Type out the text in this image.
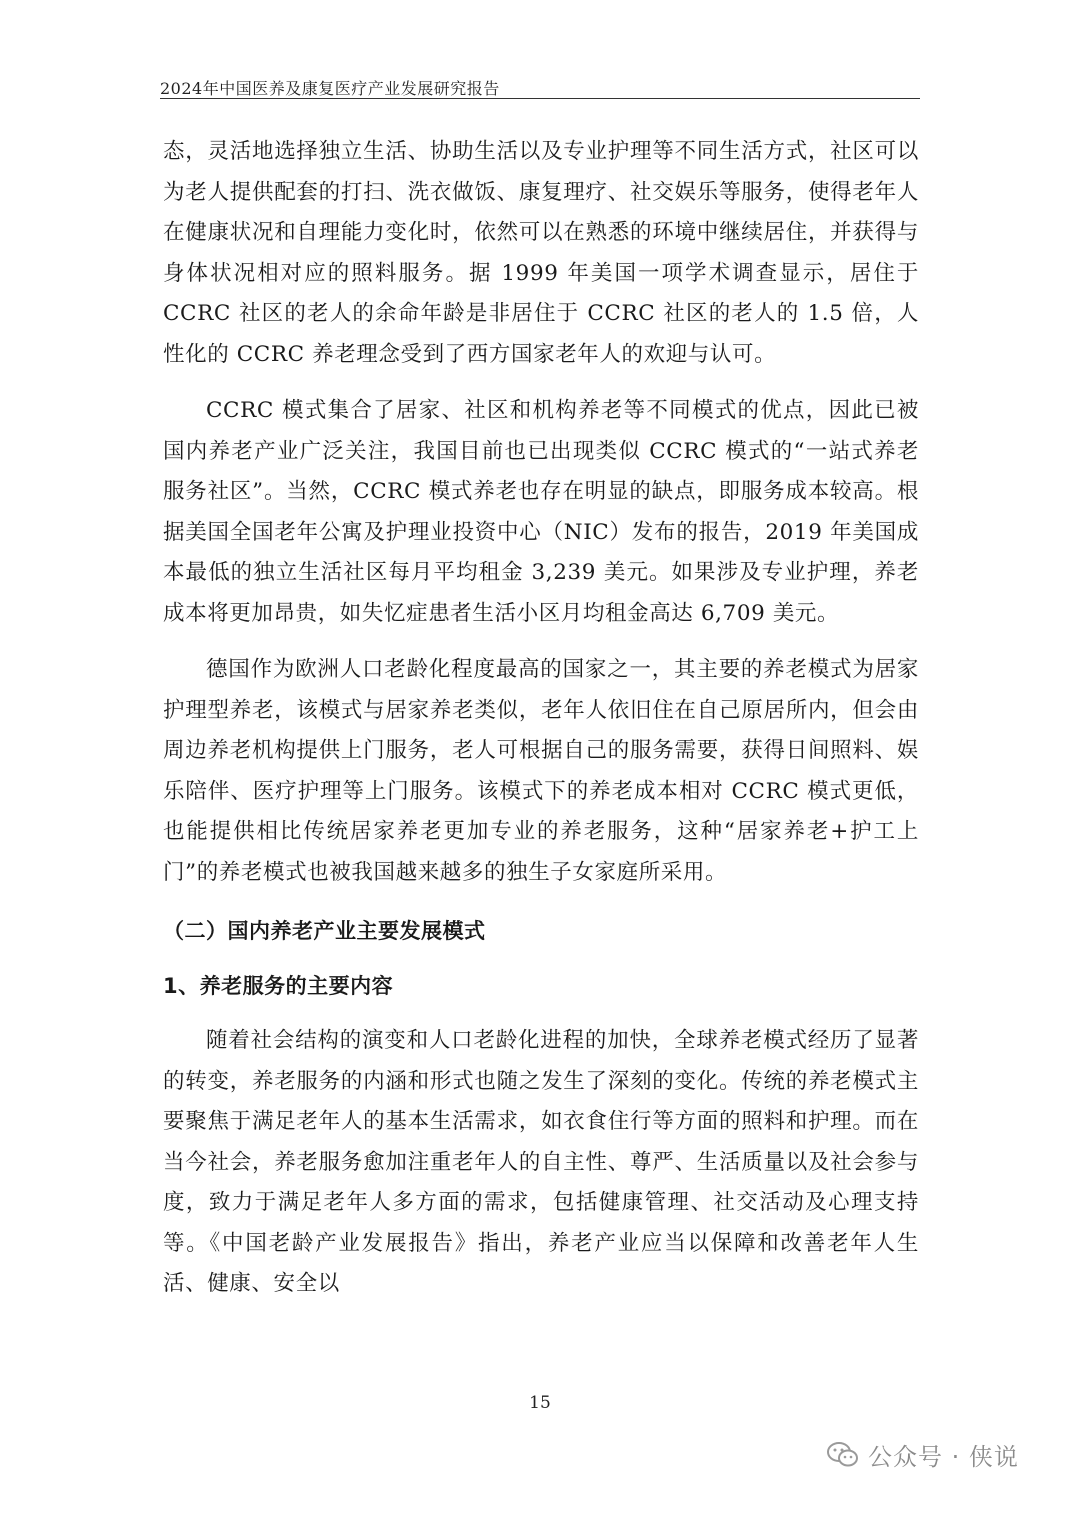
2024年中国医养及康复医疗产业发展研究报告

态，灵活地选择独立生活、协助生活以及专业护理等不同生活方式，社区可以为老人提供配套的打扫、洗衣做饭、康复理疗、社交娱乐等服务，使得老年人在健康状况和自理能力变化时，依然可以在熟悉的环境中继续居住，并获得与身体状况相对应的照料服务。据 1999 年美国一项学术调查显示，居住于 CCRC 社区的老人的余命年龄是非居住于 CCRC 社区的老人的 1.5 倍，人性化的 CCRC 养老理念受到了西方国家老年人的欢迎与认可。

CCRC 模式集合了居家、社区和机构养老等不同模式的优点，因此已被国内养老产业广泛关注，我国目前也已出现类似 CCRC 模式的“一站式养老服务社区”。当然，CCRC 模式养老也存在明显的缺点，即服务成本较高。根据美国全国老年公寓及护理业投资中心（NIC）发布的报告，2019 年美国成本最低的独立生活社区每月平均租金 3,239 美元。如果涉及专业护理，养老成本将更加昂贵，如失忆症患者生活小区月均租金高达 6,709 美元。

德国作为欧洲人口老龄化程度最高的国家之一，其主要的养老模式为居家护理型养老，该模式与居家养老类似，老年人依旧住在自己原居所内，但会由周边养老机构提供上门服务，老人可根据自己的服务需要，获得日间照料、娱乐陪伴、医疗护理等上门服务。该模式下的养老成本相对 CCRC 模式更低，也能提供相比传统居家养老更加专业的养老服务，这种“居家养老+护工上门”的养老模式也被我国越来越多的独生子女家庭所采用。

（二）国内养老产业主要发展模式
1、养老服务的主要内容

随着社会结构的演变和人口老龄化进程的加快，全球养老模式经历了显著的转变，养老服务的内涵和形式也随之发生了深刻的变化。传统的养老模式主要聚焦于满足老年人的基本生活需求，如衣食住行等方面的照料和护理。而在当今社会，养老服务愈加注重老年人的自主性、尊严、生活质量以及社会参与度，致力于满足老年人多方面的需求，包括健康管理、社交活动及心理支持等。《中国老龄产业发展报告》指出，养老产业应当以保障和改善老年人生活、健康、安全以

15
公众号 · 侠说
